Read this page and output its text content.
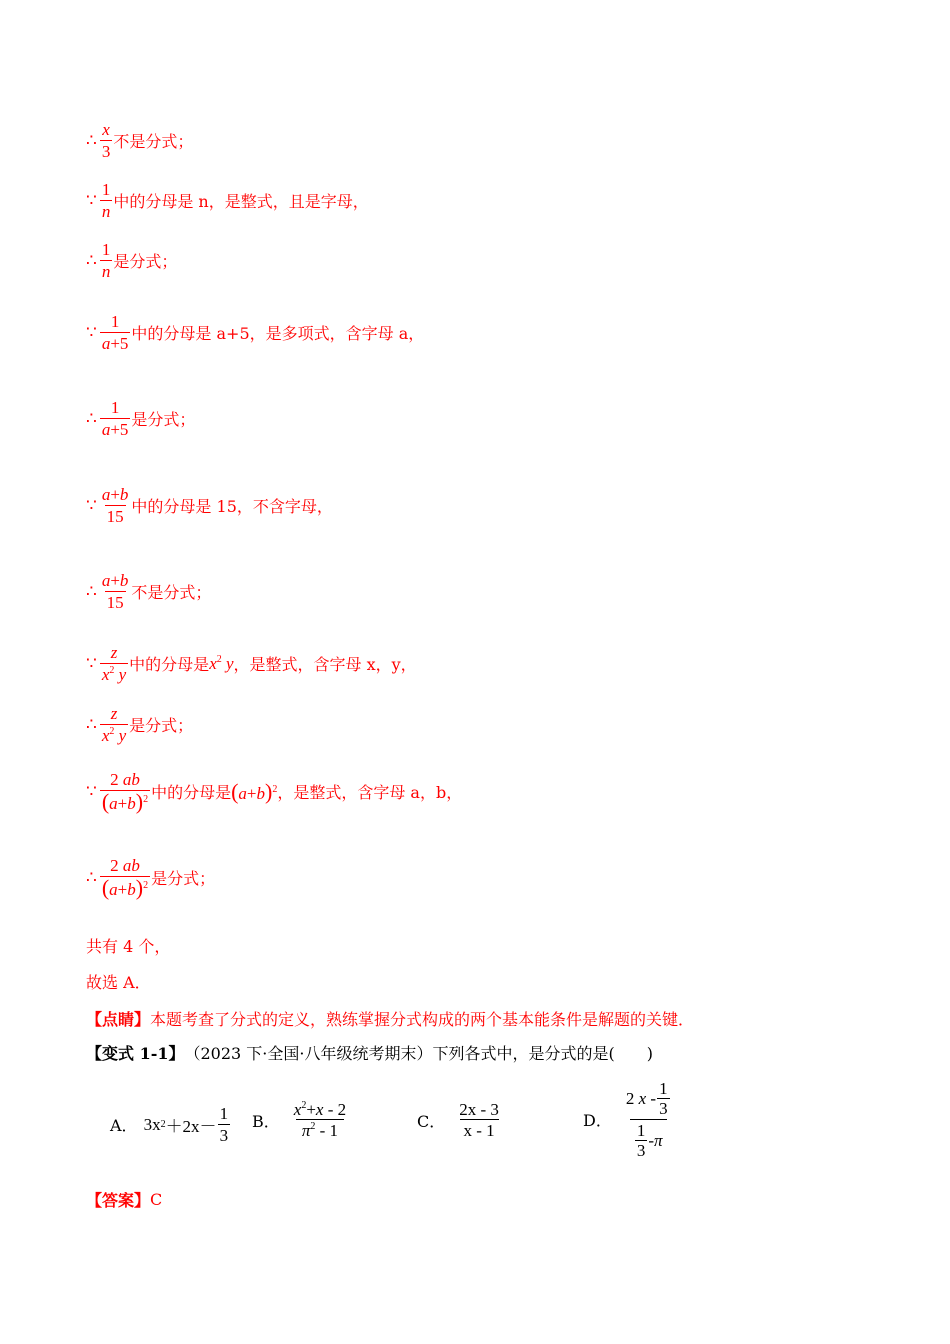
∴ $\frac{x}{3}$ 不是分式；
∵ $\frac{1}{n}$ 中的分母是 n，是整式，且是字母，
∴ $\frac{1}{n}$ 是分式；
∵ $\frac{1}{a+5}$ 中的分母是 a+5，是多项式，含字母 a，
∴ $\frac{1}{a+5}$ 是分式；
∵ $\frac{a+b}{15}$ 中的分母是 15，不含字母，
∴ $\frac{a+b}{15}$ 不是分式；
∵ $\frac{z}{x^2 y}$ 中的分母是 $x^2$ y ，是整式，含字母 x，y，
∴ $\frac{z}{x^2 y}$ 是分式；
∵ $\frac{2 ab}{(a+b)^2}$ 中的分母是 $(a+b)^2$ ，是整式，含字母 a，b，
∴ $\frac{2 ab}{(a+b)^2}$ 是分式；
共有 4 个，
故选 A．
【点睛】 本题考查了分式的定义，熟练掌握分式构成的两个基本能条件是解题的关键．
【变式 1-1】 （2023 下·全国·八年级统考期末） 下列各式中，是分式的是(　　)
A． 3x $2 +2x- \frac{1}{3}$ B． $\frac{x^2+x - 2}{\pi^2 - 1}$	C． $\frac{2x - 3}{x - 1}$	D． 2
x
- $\frac{1}{3}$
$\frac{1}{3}$ - π
【答案】 C
